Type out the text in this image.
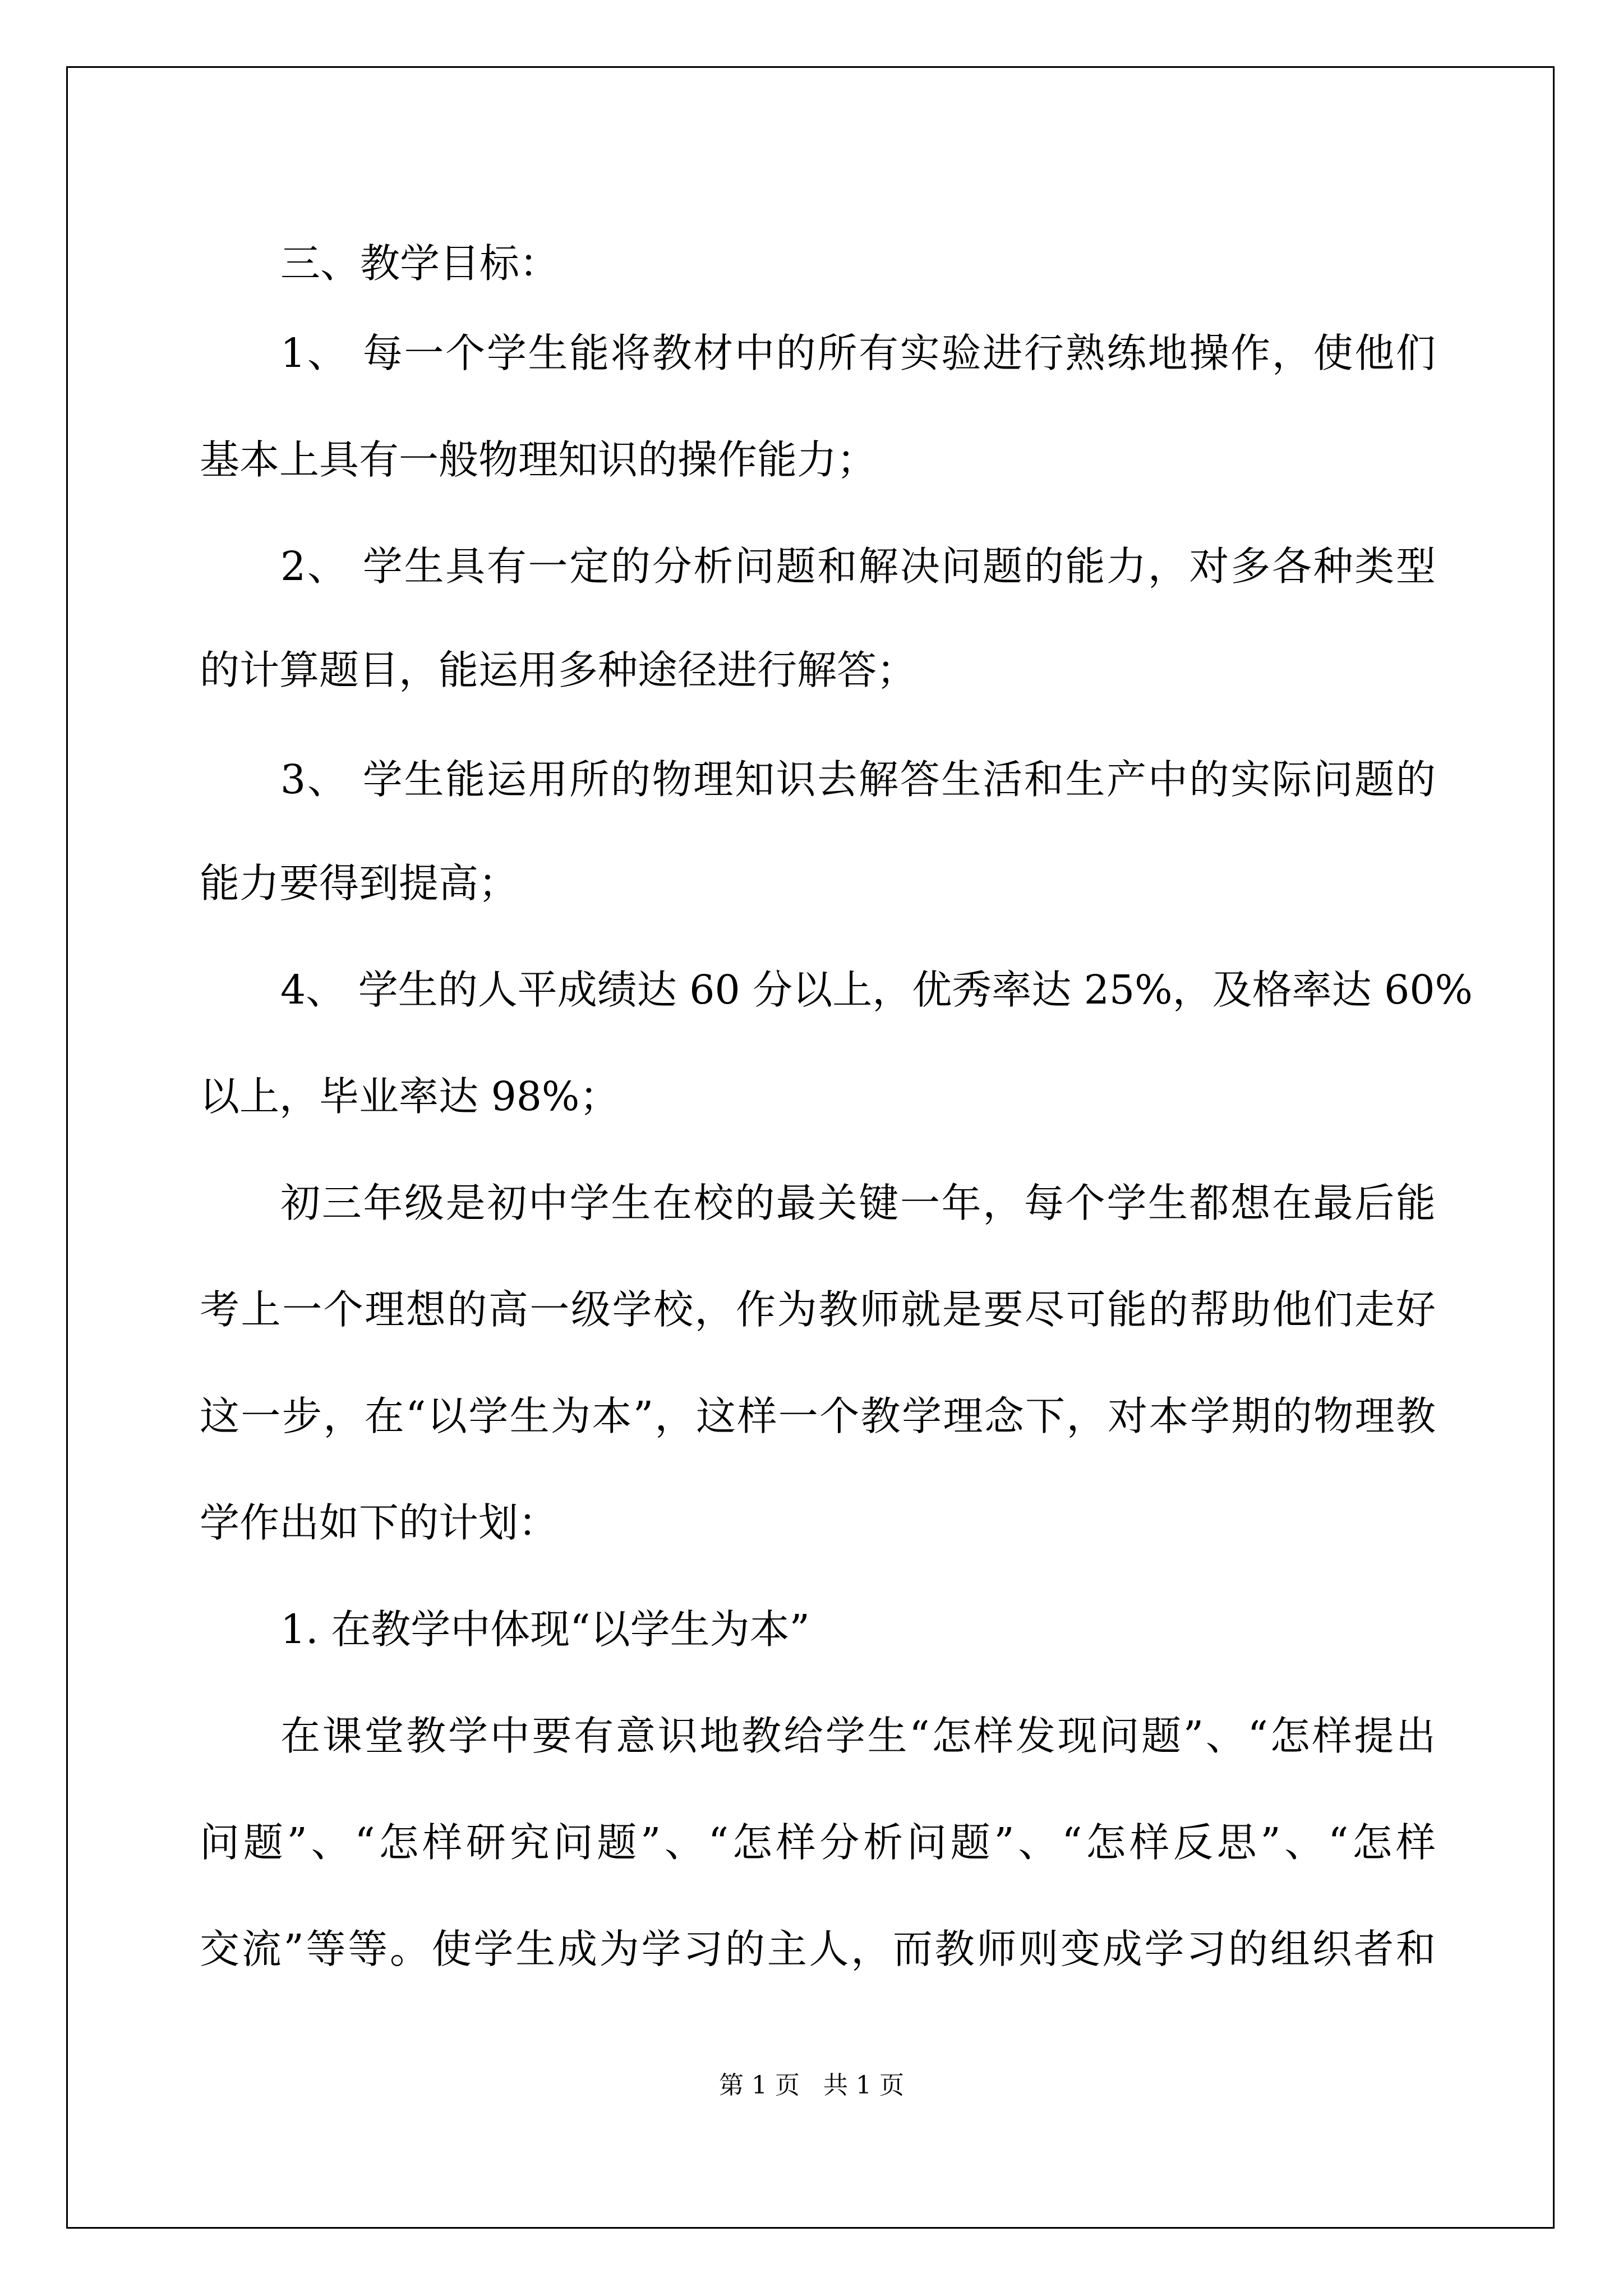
三、教学目标：
1、 每一个学生能将教材中的所有实验进行熟练地操作，使他们
基本上具有一般物理知识的操作能力；
2、 学生具有一定的分析问题和解决问题的能力，对多各种类型
的计算题目，能运用多种途径进行解答；
3、 学生能运用所的物理知识去解答生活和生产中的实际问题的
能力要得到提高；
4、 学生的人平成绩达 60 分以上，优秀率达 25%，及格率达 60%
以上，毕业率达 98%；
初三年级是初中学生在校的最关键一年，每个学生都想在最后能
考上一个理想的高一级学校，作为教师就是要尽可能的帮助他们走好
这一步，在“以学生为本”，这样一个教学理念下，对本学期的物理教
学作出如下的计划：
1. 在教学中体现“以学生为本”
在课堂教学中要有意识地教给学生“怎样发现问题”、“怎样提出
问题”、“怎样研究问题”、“怎样分析问题”、“怎样反思”、“怎样
交流”等等。使学生成为学习的主人，而教师则变成学习的组织者和
第 1 页   共 1 页
